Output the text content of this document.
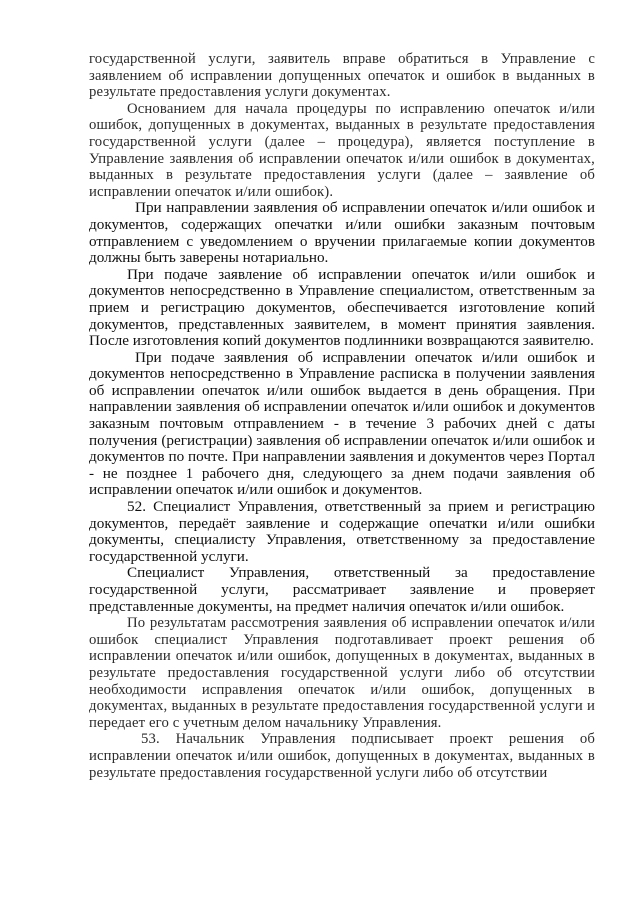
государственной услуги, заявитель вправе обратиться в Управление с заявлением об исправлении допущенных опечаток и ошибок в выданных в результате предоставления услуги документах.

Основанием для начала процедуры по исправлению опечаток и/или ошибок, допущенных в документах, выданных в результате предоставления государственной услуги (далее – процедура), является поступление в Управление заявления об исправлении опечаток и/или ошибок в документах, выданных в результате предоставления услуги (далее – заявление об исправлении опечаток и/или ошибок).

При направлении заявления об исправлении опечаток и/или ошибок и документов, содержащих опечатки и/или ошибки заказным почтовым отправлением с уведомлением о вручении прилагаемые копии документов должны быть заверены нотариально.

При подаче заявление об исправлении опечаток и/или ошибок и документов непосредственно в Управление специалистом, ответственным за прием и регистрацию документов, обеспечивается изготовление копий документов, представленных заявителем, в момент принятия заявления. После изготовления копий документов подлинники возвращаются заявителю.

При подаче заявления об исправлении опечаток и/или ошибок и документов непосредственно в Управление расписка в получении заявления об исправлении опечаток и/или ошибок выдается в день обращения. При направлении заявления об исправлении опечаток и/или ошибок и документов заказным почтовым отправлением - в течение 3 рабочих дней с даты получения (регистрации) заявления об исправлении опечаток и/или ошибок и документов по почте. При направлении заявления и документов через Портал - не позднее 1 рабочего дня, следующего за днем подачи заявления об исправлении опечаток и/или ошибок и документов.

52. Специалист Управления, ответственный за прием и регистрацию документов, передаёт заявление и содержащие опечатки и/или ошибки документы, специалисту Управления, ответственному за предоставление государственной услуги.

Специалист Управления, ответственный за предоставление государственной услуги, рассматривает заявление и проверяет представленные документы, на предмет наличия опечаток и/или ошибок.

По результатам рассмотрения заявления об исправлении опечаток и/или ошибок специалист Управления подготавливает проект решения об исправлении опечаток и/или ошибок, допущенных в документах, выданных в результате предоставления государственной услуги либо об отсутствии необходимости исправления опечаток и/или ошибок, допущенных в документах, выданных в результате предоставления государственной услуги и передает его с учетным делом начальнику Управления.

53. Начальник Управления подписывает проект решения об исправлении опечаток и/или ошибок, допущенных в документах, выданных в результате предоставления государственной услуги либо об отсутствии
